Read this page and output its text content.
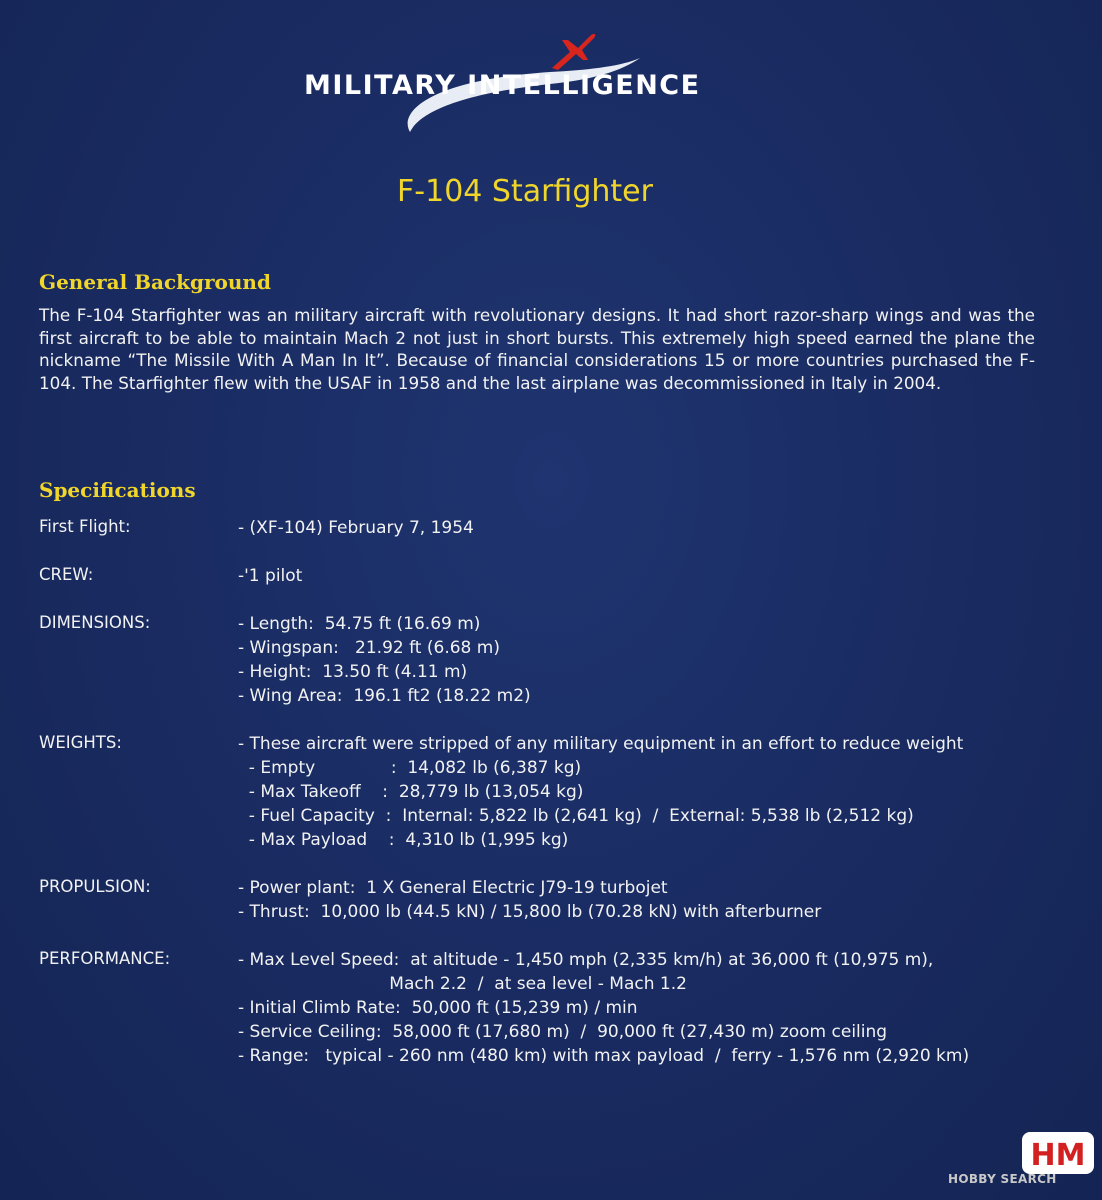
MILITARY INTELLIGENCE
F-104 Starfighter
General Background
The F-104 Starfighter was an military aircraft with revolutionary designs. It had short razor-sharp wings and was the first aircraft to be able to maintain Mach 2 not just in short bursts. This extremely high speed earned the plane the nickname “The Missile With A Man In It”. Because of financial considerations 15 or more countries purchased the F-104. The Starfighter flew with the USAF in 1958 and the last airplane was decommissioned in Italy in 2004.
Specifications
First Flight:	- (XF-104) February 7, 1954
CREW:	-'1 pilot
DIMENSIONS:	- Length:  54.75 ft (16.69 m)
- Wingspan:   21.92 ft (6.68 m)
- Height:  13.50 ft (4.11 m)
- Wing Area:  196.1 ft2 (18.22 m2)
WEIGHTS:	- These aircraft were stripped of any military equipment in an effort to reduce weight
- Empty              :  14,082 lb (6,387 kg)
- Max Takeoff    :  28,779 lb (13,054 kg)
- Fuel Capacity  :  Internal: 5,822 lb (2,641 kg)  /  External: 5,538 lb (2,512 kg)
- Max Payload    :  4,310 lb (1,995 kg)
PROPULSION:	- Power plant:  1 X General Electric J79-19 turbojet
- Thrust:  10,000 lb (44.5 kN) / 15,800 lb (70.28 kN) with afterburner
PERFORMANCE:	- Max Level Speed:  at altitude - 1,450 mph (2,335 km/h) at 36,000 ft (10,975 m),
Mach 2.2  /  at sea level - Mach 1.2
- Initial Climb Rate:  50,000 ft (15,239 m) / min
- Service Ceiling:  58,000 ft (17,680 m)  /  90,000 ft (27,430 m) zoom ceiling
- Range:   typical - 260 nm (480 km) with max payload  /  ferry - 1,576 nm (2,920 km)
HM
HOBBY SEARCH
